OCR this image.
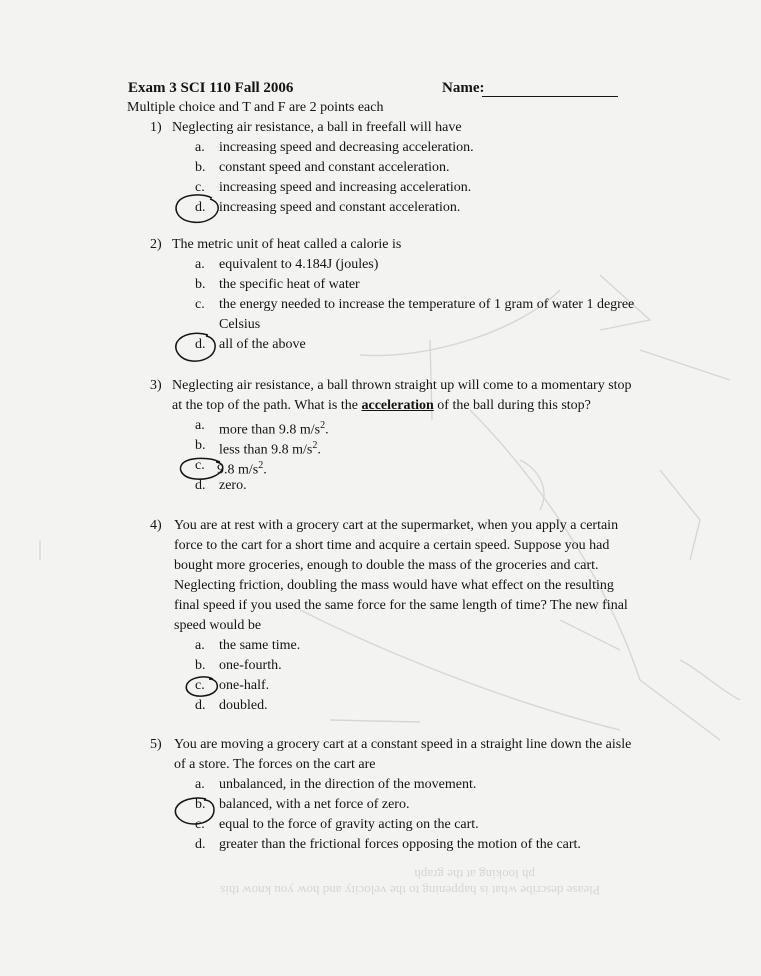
ph looking at the graph
Please describe what is happening to the velocity and how you know this
Exam 3 SCI 110 Fall 2006	Name:
Multiple choice and T and F are 2 points each
1) Neglecting air resistance, a ball in freefall will have
a.	increasing speed and decreasing acceleration.
b. constant speed and constant acceleration.
c.	increasing speed and increasing acceleration.
d. increasing speed and constant acceleration.
2) The metric unit of heat called a calorie is
a.	equivalent to 4.184J (joules)
b. the specific heat of water
c.	the energy needed to increase the temperature of 1 gram of water 1 degree
Celsius
d. all of the above
3) Neglecting air resistance, a ball thrown straight up will come to a momentary stop
at the top of the path. What is the acceleration of the ball during this stop?
a.	more than 9.8 $m/s^2$.
b. less than 9.8 $m/s^2$.
c. 9.8 $m/s^2$.
d. zero.
4) You are at rest with a grocery cart at the supermarket, when you apply a certain
force to the cart for a short time and acquire a certain speed. Suppose you had
bought more groceries, enough to double the mass of the groceries and cart.
Neglecting friction, doubling the mass would have what effect on the resulting
final speed if you used the same force for the same length of time? The new final
speed would be
a.	the same time.
b. one-fourth.
c.	one-half.
d. doubled.
5) You are moving a grocery cart at a constant speed in a straight line down the aisle
of a store. The forces on the cart are
a.	unbalanced, in the direction of the movement.
b. balanced, with a net force of zero.
c.	equal to the force of gravity acting on the cart.
d. greater than the frictional forces opposing the motion of the cart.
